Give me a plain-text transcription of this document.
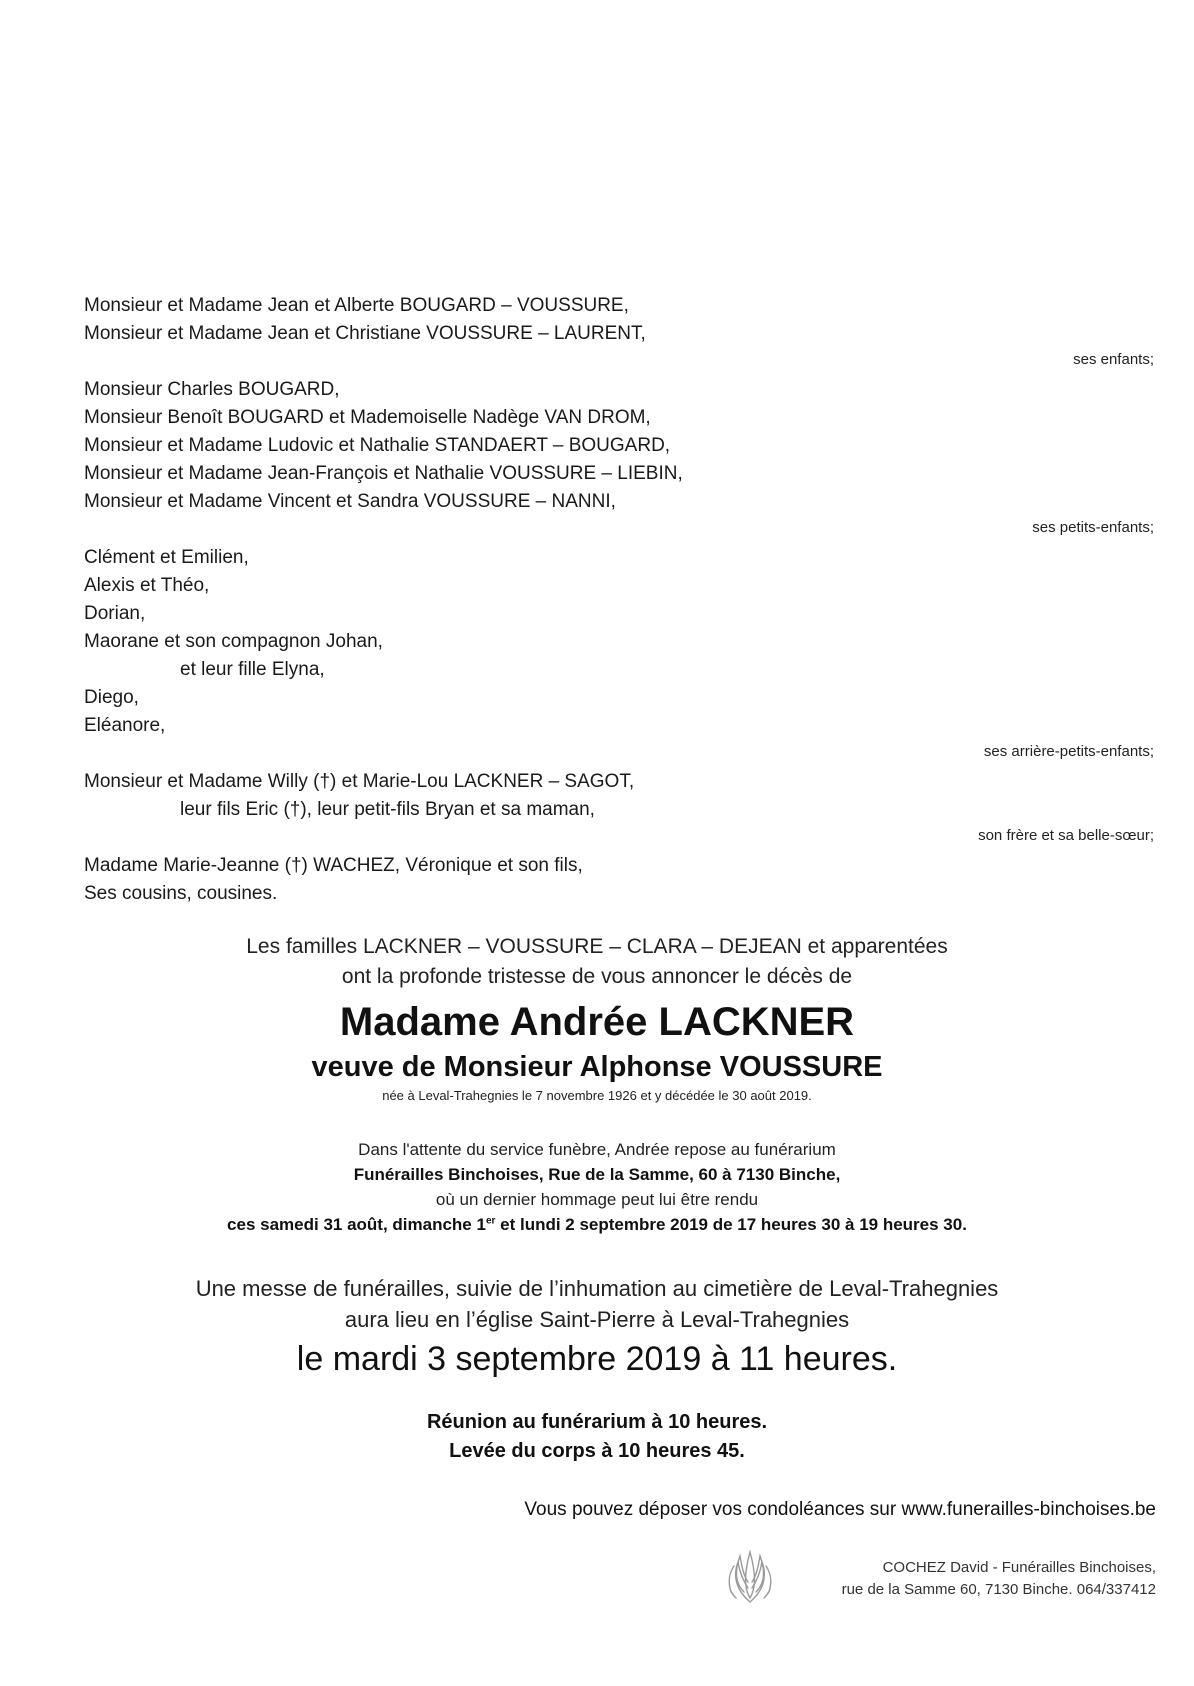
Monsieur et Madame Jean et Alberte BOUGARD – VOUSSURE,
Monsieur et Madame Jean et Christiane VOUSSURE – LAURENT,
ses enfants;
Monsieur Charles BOUGARD,
Monsieur Benoît BOUGARD et Mademoiselle Nadège VAN DROM,
Monsieur et Madame Ludovic et Nathalie STANDAERT – BOUGARD,
Monsieur et Madame Jean-François et Nathalie VOUSSURE – LIEBIN,
Monsieur et Madame Vincent et Sandra VOUSSURE – NANNI,
ses petits-enfants;
Clément et Emilien,
Alexis et Théo,
Dorian,
Maorane et son compagnon Johan,
et leur fille Elyna,
Diego,
Eléanore,
ses arrière-petits-enfants;
Monsieur et Madame Willy (†) et Marie-Lou LACKNER – SAGOT,
leur fils Eric (†), leur petit-fils Bryan et sa maman,
son frère et sa belle-sœur;
Madame Marie-Jeanne (†) WACHEZ, Véronique et son fils,
Ses cousins, cousines.
Les familles LACKNER – VOUSSURE – CLARA – DEJEAN et apparentées
ont la profonde tristesse de vous annoncer le décès de
Madame Andrée LACKNER
veuve de Monsieur Alphonse VOUSSURE
née à Leval-Trahegnies le 7 novembre 1926 et y décédée le 30 août 2019.
Dans l'attente du service funèbre, Andrée repose au funérarium
Funérailles Binchoises, Rue de la Samme, 60 à 7130 Binche,
où un dernier hommage peut lui être rendu
ces samedi 31 août, dimanche 1er et lundi 2 septembre 2019 de 17 heures 30 à 19 heures 30.
Une messe de funérailles, suivie de l’inhumation au cimetière de Leval-Trahegnies
aura lieu en l’église Saint-Pierre à Leval-Trahegnies
le mardi 3 septembre 2019 à 11 heures.
Réunion au funérarium à 10 heures.
Levée du corps à 10 heures 45.
Vous pouvez déposer vos condoléances sur www.funerailles-binchoises.be
COCHEZ David - Funérailles Binchoises,
rue de la Samme 60, 7130 Binche. 064/337412
